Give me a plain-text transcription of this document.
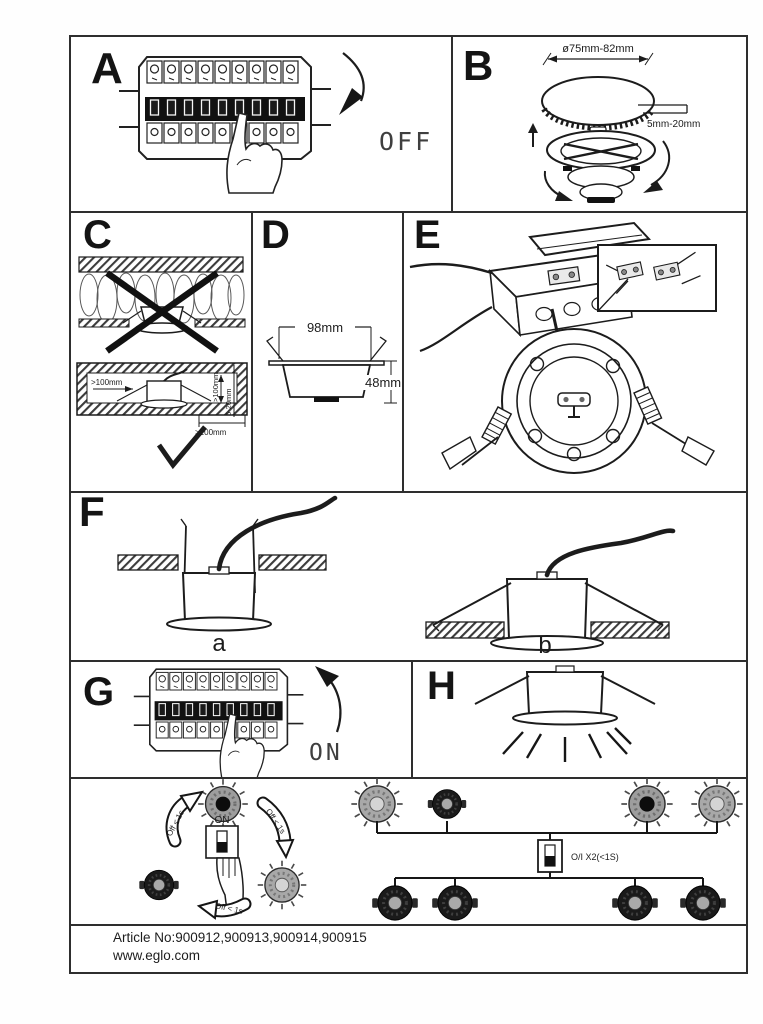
A
OFF
ø75mm-82mm
5mm-20mm
B
>100mm	>100mm
5-20mm
>100mm
C
98mm
48mm
D	E
a	b
F
G
ON
H
ON
Off < 1s	Off < 1s
Off < 1s
O/I X2(<1S)
Article No:900912,900913,900914,900915
www.eglo.com
